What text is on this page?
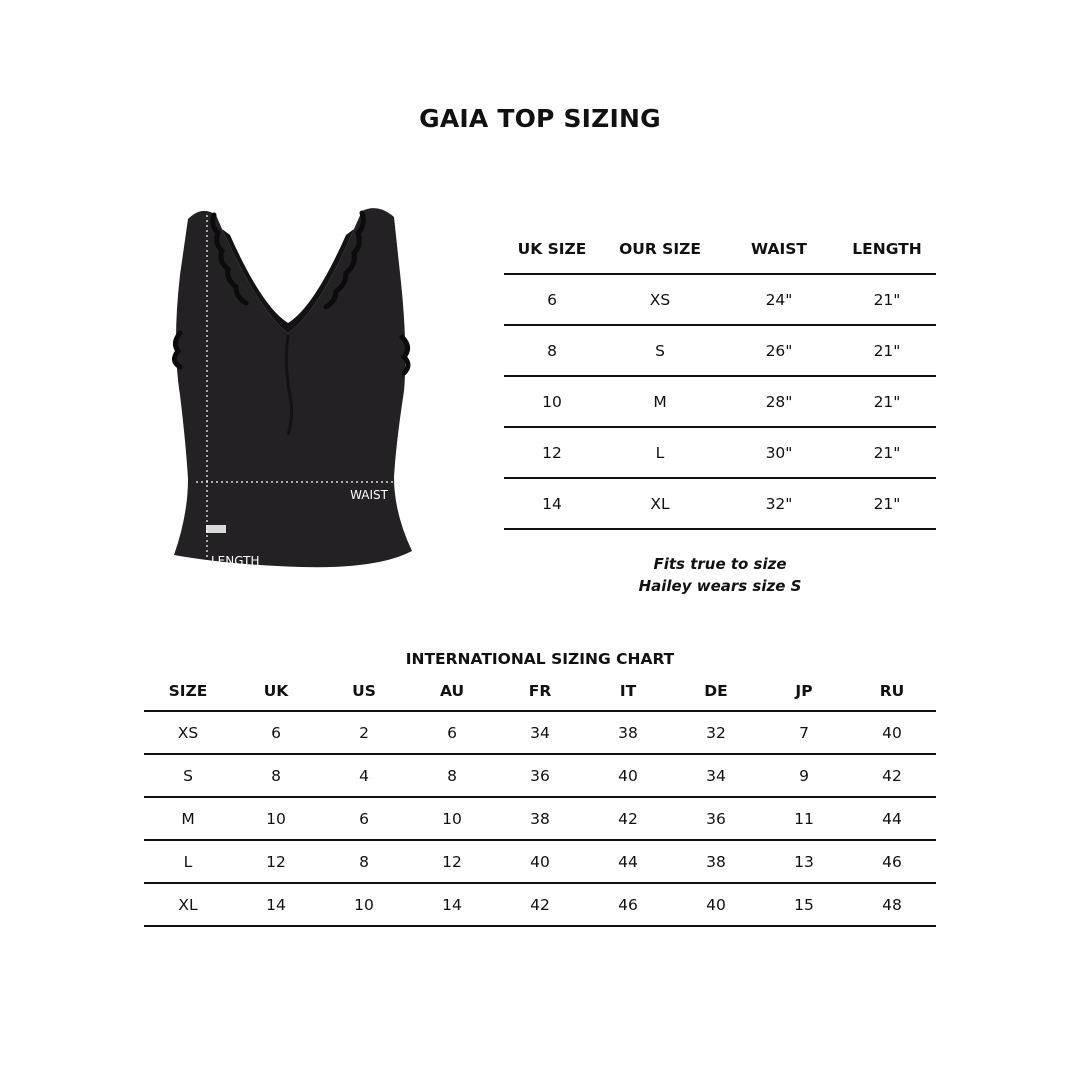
GAIA TOP SIZING
WAIST
LENGTH
UK SIZE	OUR SIZE	WAIST	LENGTH
6	XS	24"	21"
8	S	26"	21"
10	M	28"	21"
12	L	30"	21"
14	XL	32"	21"
Fits true to size
Hailey wears size S
INTERNATIONAL SIZING CHART
SIZE	UK	US	AU	FR	IT	DE	JP	RU
XS	6	2	6	34	38	32	7	40
S	8	4	8	36	40	34	9	42
M	10	6	10	38	42	36	11	44
L	12	8	12	40	44	38	13	46
XL	14	10	14	42	46	40	15	48
